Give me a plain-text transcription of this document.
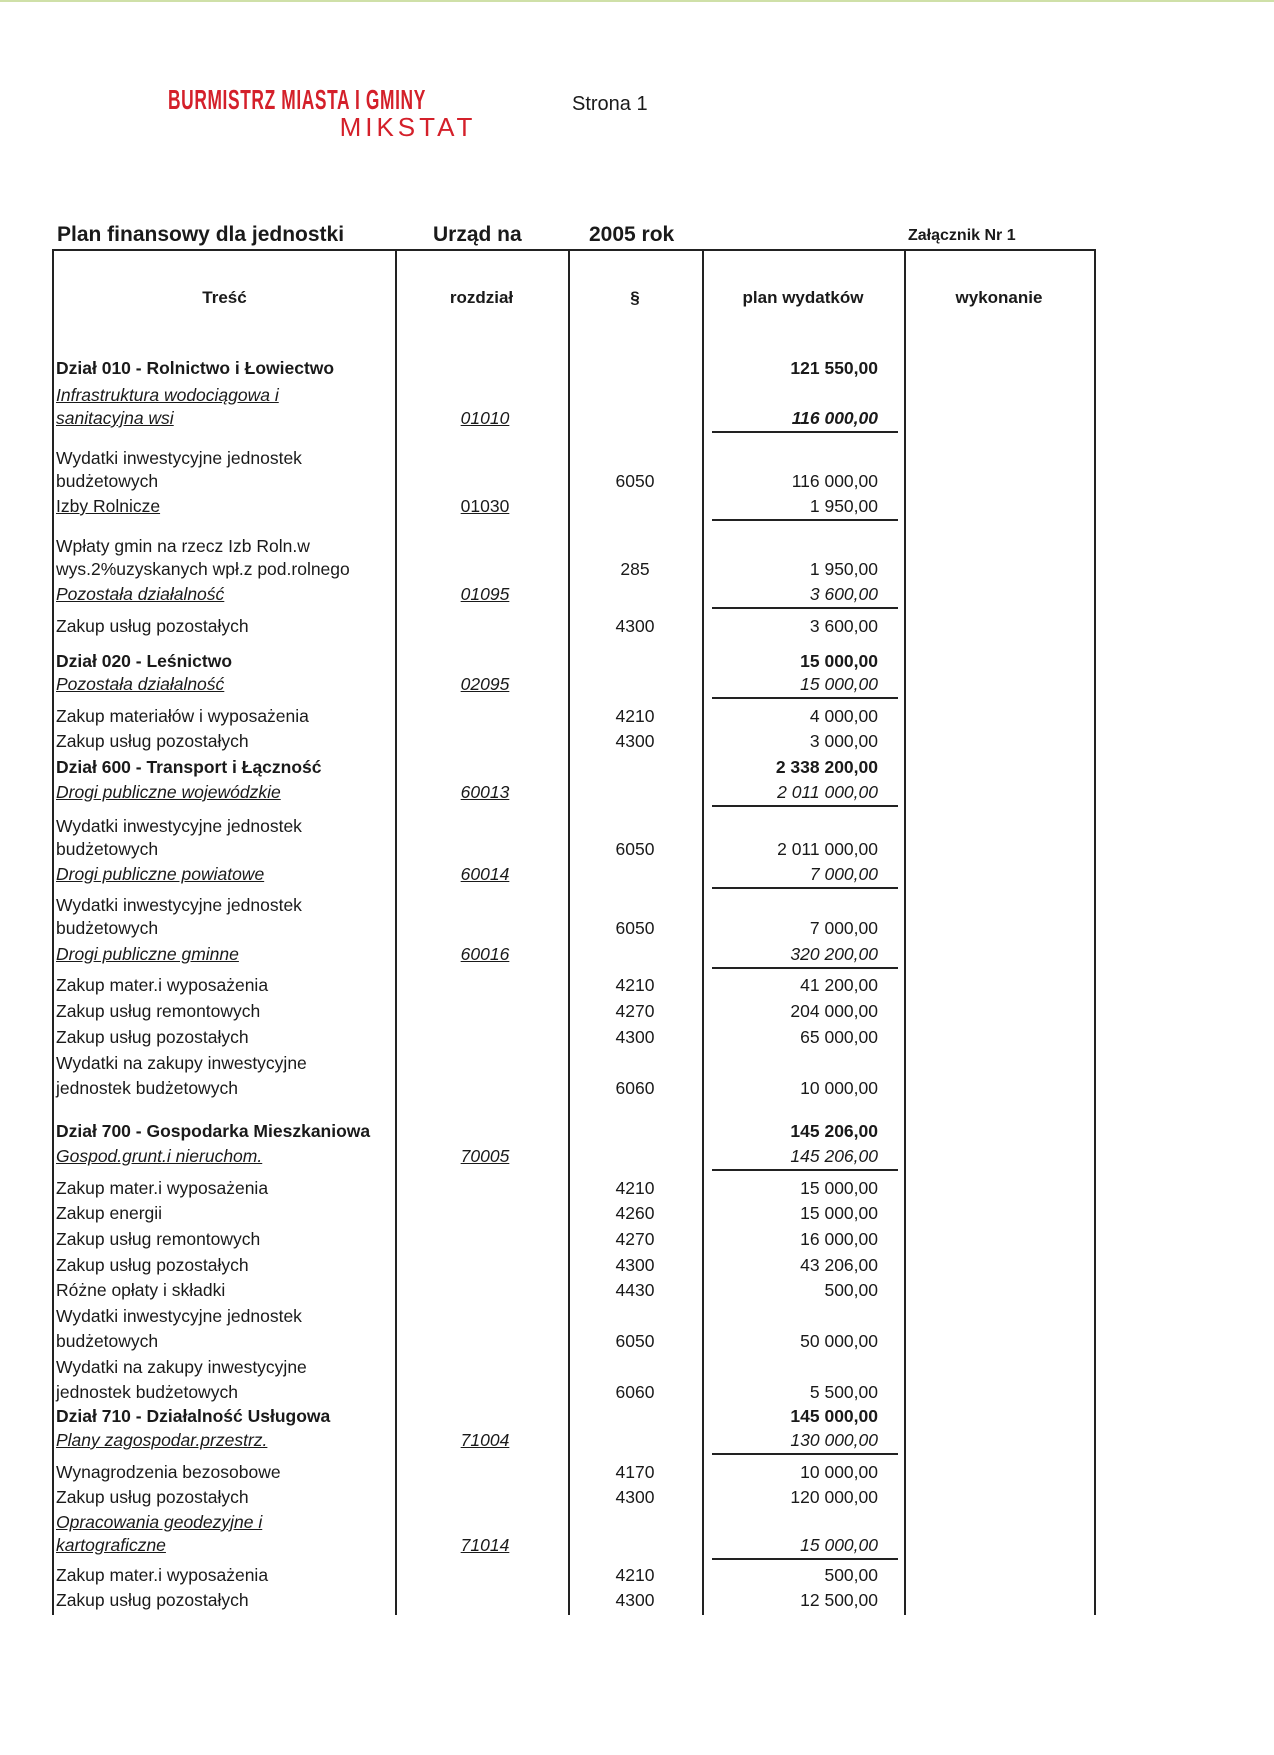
BURMISTRZ MIASTA I GMINY
MIKSTAT
Strona 1
Plan finansowy dla jednostki	Urząd na	2005 rok	Załącznik Nr 1
Treść	rozdział	§	plan wydatków	wykonanie
Dział 010 - Rolnictwo i Łowiectwo	121 550,00
Infrastruktura wodociągowa i
sanitacyjna wsi	01010	116 000,00
Wydatki inwestycyjne jednostek
budżetowych	6050	116 000,00
Izby Rolnicze	01030	1 950,00
Wpłaty gmin na rzecz Izb Roln.w
wys.2%uzyskanych wpł.z pod.rolnego	285	1 950,00
Pozostała działalność	01095	3 600,00
Zakup usług pozostałych	4300	3 600,00
Dział 020 - Leśnictwo	15 000,00
Pozostała działalność	02095	15 000,00
Zakup materiałów i wyposażenia	4210	4 000,00
Zakup usług pozostałych	4300	3 000,00
Dział 600 - Transport i Łączność	2 338 200,00
Drogi publiczne wojewódzkie	60013	2 011 000,00
Wydatki inwestycyjne jednostek
budżetowych	6050	2 011 000,00
Drogi publiczne powiatowe	60014	7 000,00
Wydatki inwestycyjne jednostek
budżetowych	6050	7 000,00
Drogi publiczne gminne	60016	320 200,00
Zakup mater.i wyposażenia	4210	41 200,00
Zakup usług remontowych	4270	204 000,00
Zakup usług pozostałych	4300	65 000,00
Wydatki na zakupy inwestycyjne
jednostek budżetowych	6060	10 000,00
Dział 700 - Gospodarka Mieszkaniowa	145 206,00
Gospod.grunt.i nieruchom.	70005	145 206,00
Zakup mater.i wyposażenia	4210	15 000,00
Zakup energii	4260	15 000,00
Zakup usług remontowych	4270	16 000,00
Zakup usług pozostałych	4300	43 206,00
Różne opłaty i składki	4430	500,00
Wydatki inwestycyjne jednostek
budżetowych	6050	50 000,00
Wydatki na zakupy inwestycyjne
jednostek budżetowych	6060	5 500,00
Dział 710 - Działalność Usługowa	145 000,00
Plany zagospodar.przestrz.	71004	130 000,00
Wynagrodzenia bezosobowe	4170	10 000,00
Zakup usług pozostałych	4300	120 000,00
Opracowania geodezyjne i
kartograficzne	71014	15 000,00
Zakup mater.i wyposażenia	4210	500,00
Zakup usług pozostałych	4300	12 500,00
